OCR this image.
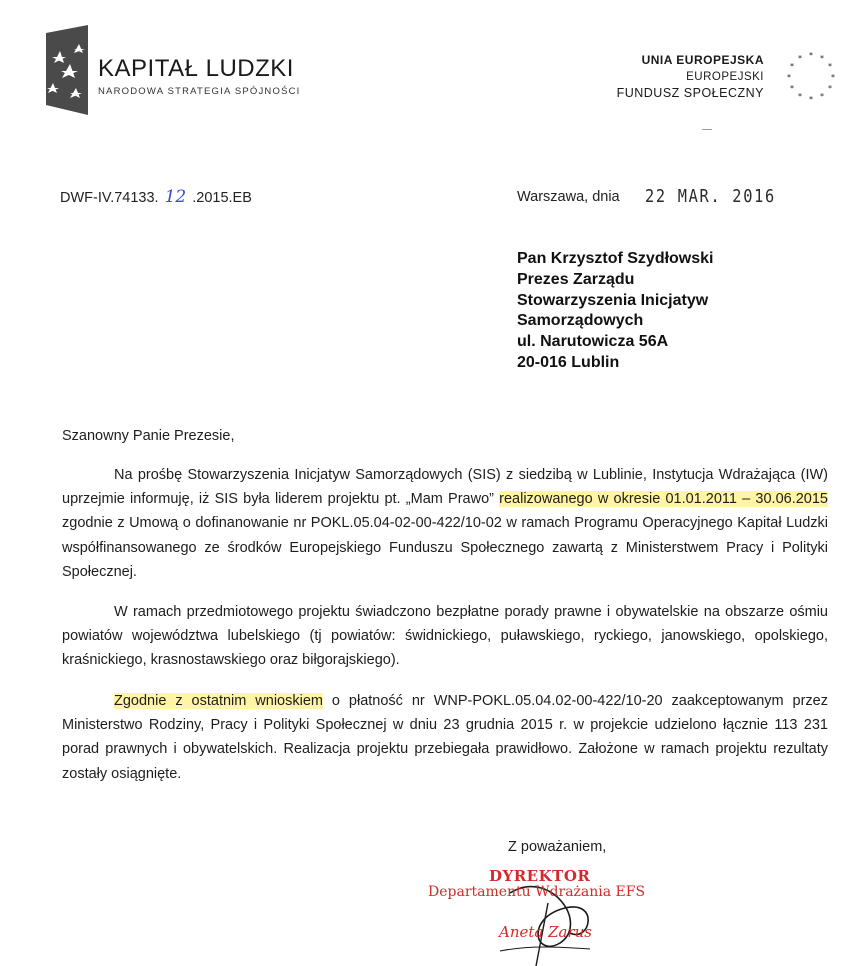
KAPITAŁ LUDZKI
NARODOWA STRATEGIA SPÓJNOŚCI
UNIA EUROPEJSKA
EUROPEJSKI
FUNDUSZ SPOŁECZNY
* *
*
*
*
*
*
*
*
*
*
*
DWF-IV.74133. 12 .2015.EB	Warszawa, dnia 22 MAR. 2016
Pan Krzysztof Szydłowski
Prezes Zarządu
Stowarzyszenia Inicjatyw
Samorządowych
ul. Narutowicza 56A
20-016 Lublin
Szanowny Panie Prezesie,
Na prośbę Stowarzyszenia Inicjatyw Samorządowych (SIS) z siedzibą w Lublinie, Instytucja Wdrażająca (IW) uprzejmie informuję, iż SIS była liderem projektu pt. „Mam Prawo” realizowanego w okresie 01.01.2011 – 30.06.2015 zgodnie z Umową o dofinanowanie nr POKL.05.04-02-00-422/10-02 w ramach Programu Operacyjnego Kapitał Ludzki współfinansowanego ze środków Europejskiego Funduszu Społecznego zawartą z Ministerstwem Pracy i Polityki Społecznej.
W ramach przedmiotowego projektu świadczono bezpłatne porady prawne i obywatelskie na obszarze ośmiu powiatów województwa lubelskiego (tj powiatów: świdnickiego, puławskiego, ryckiego, janowskiego, opolskiego, kraśnickiego, krasnostawskiego oraz biłgorajskiego).
Zgodnie z ostatnim wnioskiem o płatność nr WNP-POKL.05.04.02-00-422/10-20 zaakceptowanym przez Ministerstwo Rodziny, Pracy i Polityki Społecznej w dniu 23 grudnia 2015 r. w projekcie udzielono łącznie 113 231 porad prawnych i obywatelskich. Realizacja projektu przebiegała prawidłowo. Założone w ramach projektu rezultaty zostały osiągnięte.
Z poważaniem,
DYREKTOR
Departamentu Wdrażania EFS
Aneta Zarus
